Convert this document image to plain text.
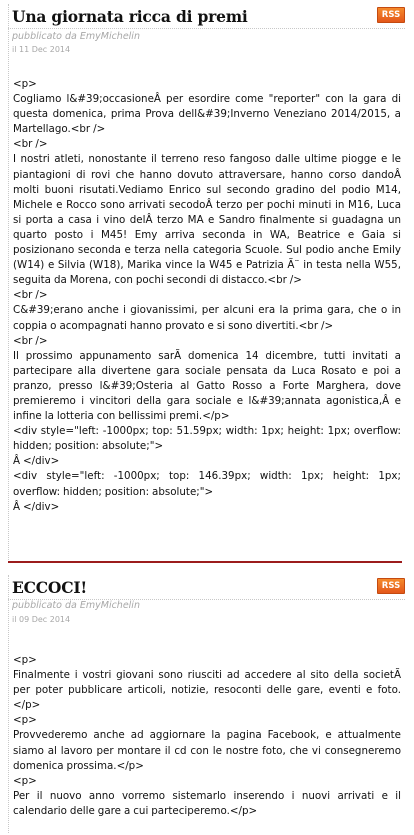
Una giornata ricca di premi	RSS
pubblicato da EmyMichelin
il 11 Dec 2014

<p>

Cogliamo l&#39;occasioneÂ per esordire come "reporter" con la gara di questa domenica, prima Prova dell&#39;Inverno Veneziano 2014/2015, a Martellago.<br />

<br />

I nostri atleti, nonostante il terreno reso fangoso dalle ultime piogge e le piantagioni di rovi che hanno dovuto attraversare, hanno corso dandoÂ molti buoni risutati.Vediamo Enrico sul secondo gradino del podio M14, Michele e Rocco sono arrivati secodoÂ terzo per pochi minuti in M16, Luca si porta a casa i vino delÂ terzo MA e Sandro finalmente si guadagna un quarto posto i M45! Emy arriva seconda in WA, Beatrice e Gaia si posizionano seconda e terza nella categoria Scuole. Sul podio anche Emily (W14) e Silvia (W18), Marika vince la W45 e Patrizia Ã¨ in testa nella W55, seguita da Morena, con pochi secondi di distacco.<br />

<br />

C&#39;erano anche i giovanissimi, per alcuni era la prima gara, che o in coppia o acompagnati hanno provato e si sono divertiti.<br />

<br />

Il prossimo appunamento sarÃ domenica 14 dicembre, tutti invitati a partecipare alla divertene gara sociale pensata da Luca Rosato e poi a pranzo, presso l&#39;Osteria al Gatto Rosso a Forte Marghera, dove premieremo i vincitori della gara sociale e l&#39;annata agonistica,Â e infine la lotteria con bellissimi premi.</p>

<div style="left: -1000px; top: 51.59px; width: 1px; height: 1px; overflow: hidden; position: absolute;">

Â </div>

<div style="left: -1000px; top: 146.39px; width: 1px; height: 1px; overflow: hidden; position: absolute;">

Â </div>

ECCOCI!	RSS
pubblicato da EmyMichelin
il 09 Dec 2014

<p>

Finalmente i vostri giovani sono riusciti ad accedere al sito della societÃ per poter pubblicare articoli, notizie, resoconti delle gare, eventi e foto.</p>

<p>

Provvederemo anche ad aggiornare la pagina Facebook, e attualmente siamo al lavoro per montare il cd con le nostre foto, che vi consegneremo domenica prossima.</p>

<p>

Per il nuovo anno vorremo sistemarlo inserendo i nuovi arrivati e il calendario delle gare a cui parteciperemo.</p>
